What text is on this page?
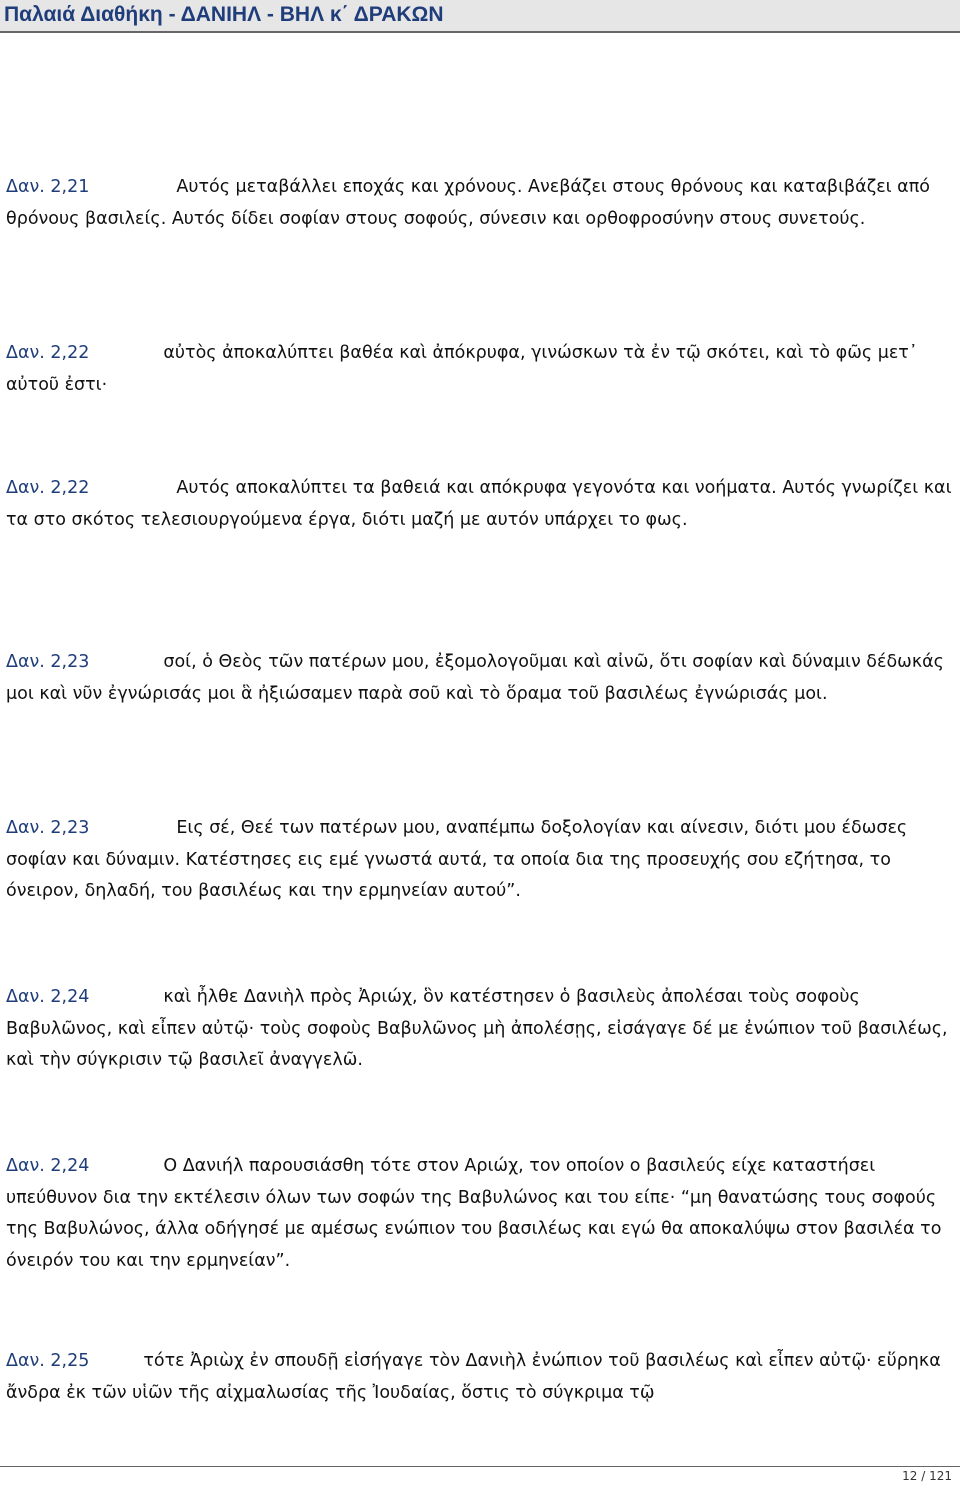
Παλαιά Διαθήκη - ΔΑΝΙΗΛ - ΒΗΛ κ΄ ΔΡΑΚΩΝ
Δαν. 2,21	Αυτός μεταβάλλει εποχάς και χρόνους. Ανεβάζει στους θρόνους και καταβιβάζει από θρόνους βασιλείς. Αυτός δίδει σοφίαν στους σοφούς, σύνεσιν και ορθοφροσύνην στους συνετούς.
Δαν. 2,22	αὐτὸς ἀποκαλύπτει βαθέα καὶ ἀπόκρυφα, γινώσκων τὰ ἐν τῷ σκότει, καὶ τὸ φῶς μετ᾿ αὐτοῦ ἐστι·
Δαν. 2,22	Αυτός αποκαλύπτει τα βαθειά και απόκρυφα γεγονότα και νοήματα. Αυτός γνωρίζει και τα στο σκότος τελεσιουργούμενα έργα, διότι μαζή με αυτόν υπάρχει το φως.
Δαν. 2,23	σοί, ὁ Θεὸς τῶν πατέρων μου, ἐξομολογοῦμαι καὶ αἰνῶ, ὅτι σοφίαν καὶ δύναμιν δέδωκάς μοι καὶ νῦν ἐγνώρισάς μοι ἃ ἠξιώσαμεν παρὰ σοῦ καὶ τὸ ὅραμα τοῦ βασιλέως ἐγνώρισάς μοι.
Δαν. 2,23	Εις σέ, Θεέ των πατέρων μου, αναπέμπω δοξολογίαν και αίνεσιν, διότι μου έδωσες σοφίαν και δύναμιν. Κατέστησες εις εμέ γνωστά αυτά, τα οποία δια της προσευχής σου εζήτησα, το όνειρον, δηλαδή, του βασιλέως και την ερμηνείαν αυτού”.
Δαν. 2,24	καὶ ἦλθε Δανιὴλ πρὸς Ἀριώχ, ὃν κατέστησεν ὁ βασιλεὺς ἀπολέσαι τοὺς σοφοὺς Βαβυλῶνος, καὶ εἶπεν αὐτῷ· τοὺς σοφοὺς Βαβυλῶνος μὴ ἀπολέσῃς, εἰσάγαγε δέ με ἐνώπιον τοῦ βασιλέως, καὶ τὴν σύγκρισιν τῷ βασιλεῖ ἀναγγελῶ.
Δαν. 2,24	Ο Δανιήλ παρουσιάσθη τότε στον Αριώχ, τον οποίον ο βασιλεύς είχε καταστήσει υπεύθυνον δια την εκτέλεσιν όλων των σοφών της Βαβυλώνος και του είπε· “μη θανατώσης τους σοφούς της Βαβυλώνος, άλλα οδήγησέ με αμέσως ενώπιον του βασιλέως και εγώ θα αποκαλύψω στον βασιλέα το όνειρόν του και την ερμηνείαν”.
Δαν. 2,25	τότε Ἀριὼχ ἐν σπουδῇ εἰσήγαγε τὸν Δανιὴλ ἐνώπιον τοῦ βασιλέως καὶ εἶπεν αὐτῷ· εὕρηκα ἄνδρα ἐκ τῶν υἱῶν τῆς αἰχμαλωσίας τῆς Ἰουδαίας, ὅστις τὸ σύγκριμα τῷ
12 / 121
